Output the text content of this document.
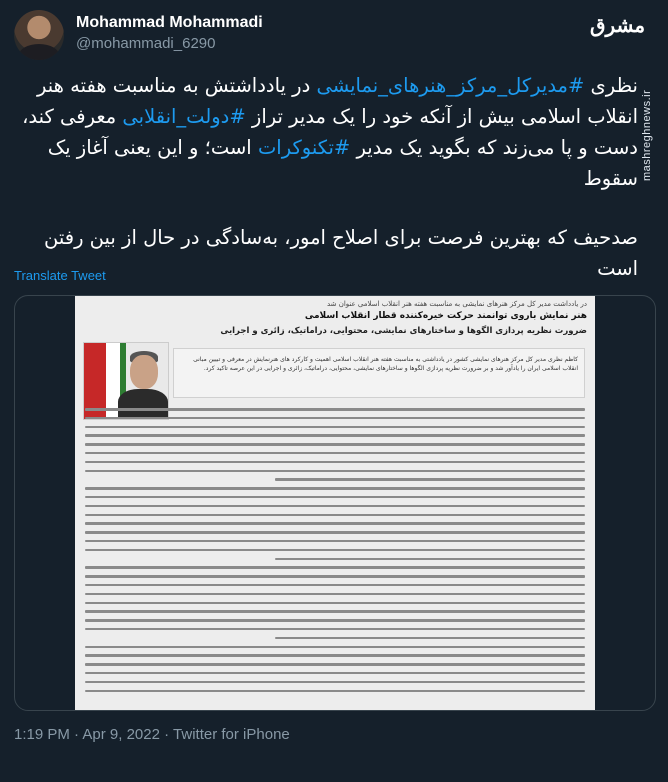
Mohammad Mohammadi
@mohammadi_6290
مشرق
mashreghnews.ir

نظری #مدیرکل_مرکز_هنرهای_نمایشی در یادداشتش به مناسبت هفته هنر انقلاب اسلامی بیش از آنکه خود را یک مدیر تراز #دولت_انقلابی معرفی کند، دست و پا می‌زند که بگوید یک مدیر #تکنوکرات است؛ و این یعنی آغاز یک سقوط

صدحیف که بهترین فرصت برای اصلاح امور، به‌سادگی در حال از بین رفتن است

Translate Tweet
در یادداشت مدیر کل مرکز هنرهای نمایشی به مناسبت هفته هنر انقلاب اسلامی عنوان شد
هنر نمایش باروی توانمند حرکت خیره‌کننده قطار انقلاب اسلامی
ضرورت نظریه پردازی الگوها و ساختارهای نمایشی، محتوایی، دراماتیک، زائری و اجرایی
کاظم نظری مدیر کل مرکز هنرهای نمایشی کشور در یادداشتی به مناسبت هفته هنر انقلاب اسلامی اهمیت و کارکرد های هنرنمایش در معرفی و تبیین مبانی انقلاب اسلامی ایران را یادآور شد و بر ضرورت نظریه پردازی الگوها و ساختارهای نمایشی، محتوایی، دراماتیک، زائری و اجرایی در این عرصه تاکید کرد.
1:19 PM · Apr 9, 2022 · Twitter for iPhone
